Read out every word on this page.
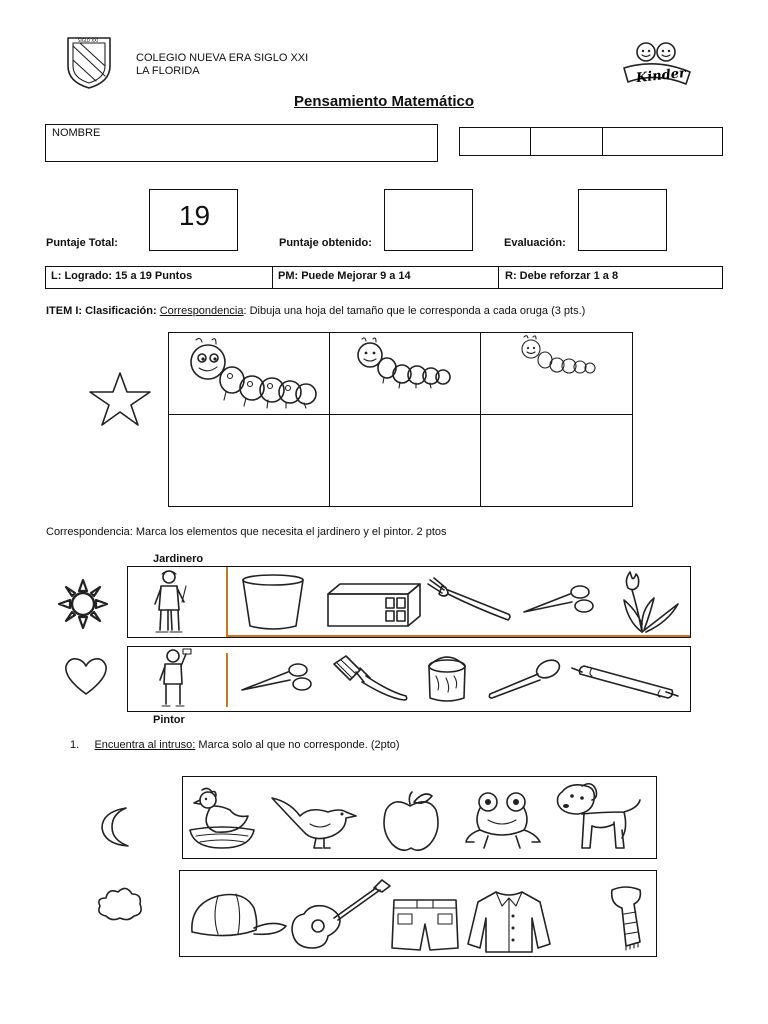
SIGLO XXI
COLEGIO NUEVA ERA SIGLO XXI
LA FLORIDA	Kinder
Pensamiento Matemático
NOMBRE
Puntaje Total:
19
Puntaje obtenido:	Evaluación:
L: Logrado: 15 a 19 Puntos	PM: Puede Mejorar 9 a 14	R: Debe reforzar 1 a 8
ITEM I: Clasificación: Correspondencia: Dibuja una hoja del tamaño que le corresponda a cada oruga (3 pts.)
Correspondencia: Marca los elementos que necesita el jardinero y el pintor. 2 ptos
Jardinero
Pintor
1. Encuentra al intruso: Marca solo al que no corresponde. (2pto)
